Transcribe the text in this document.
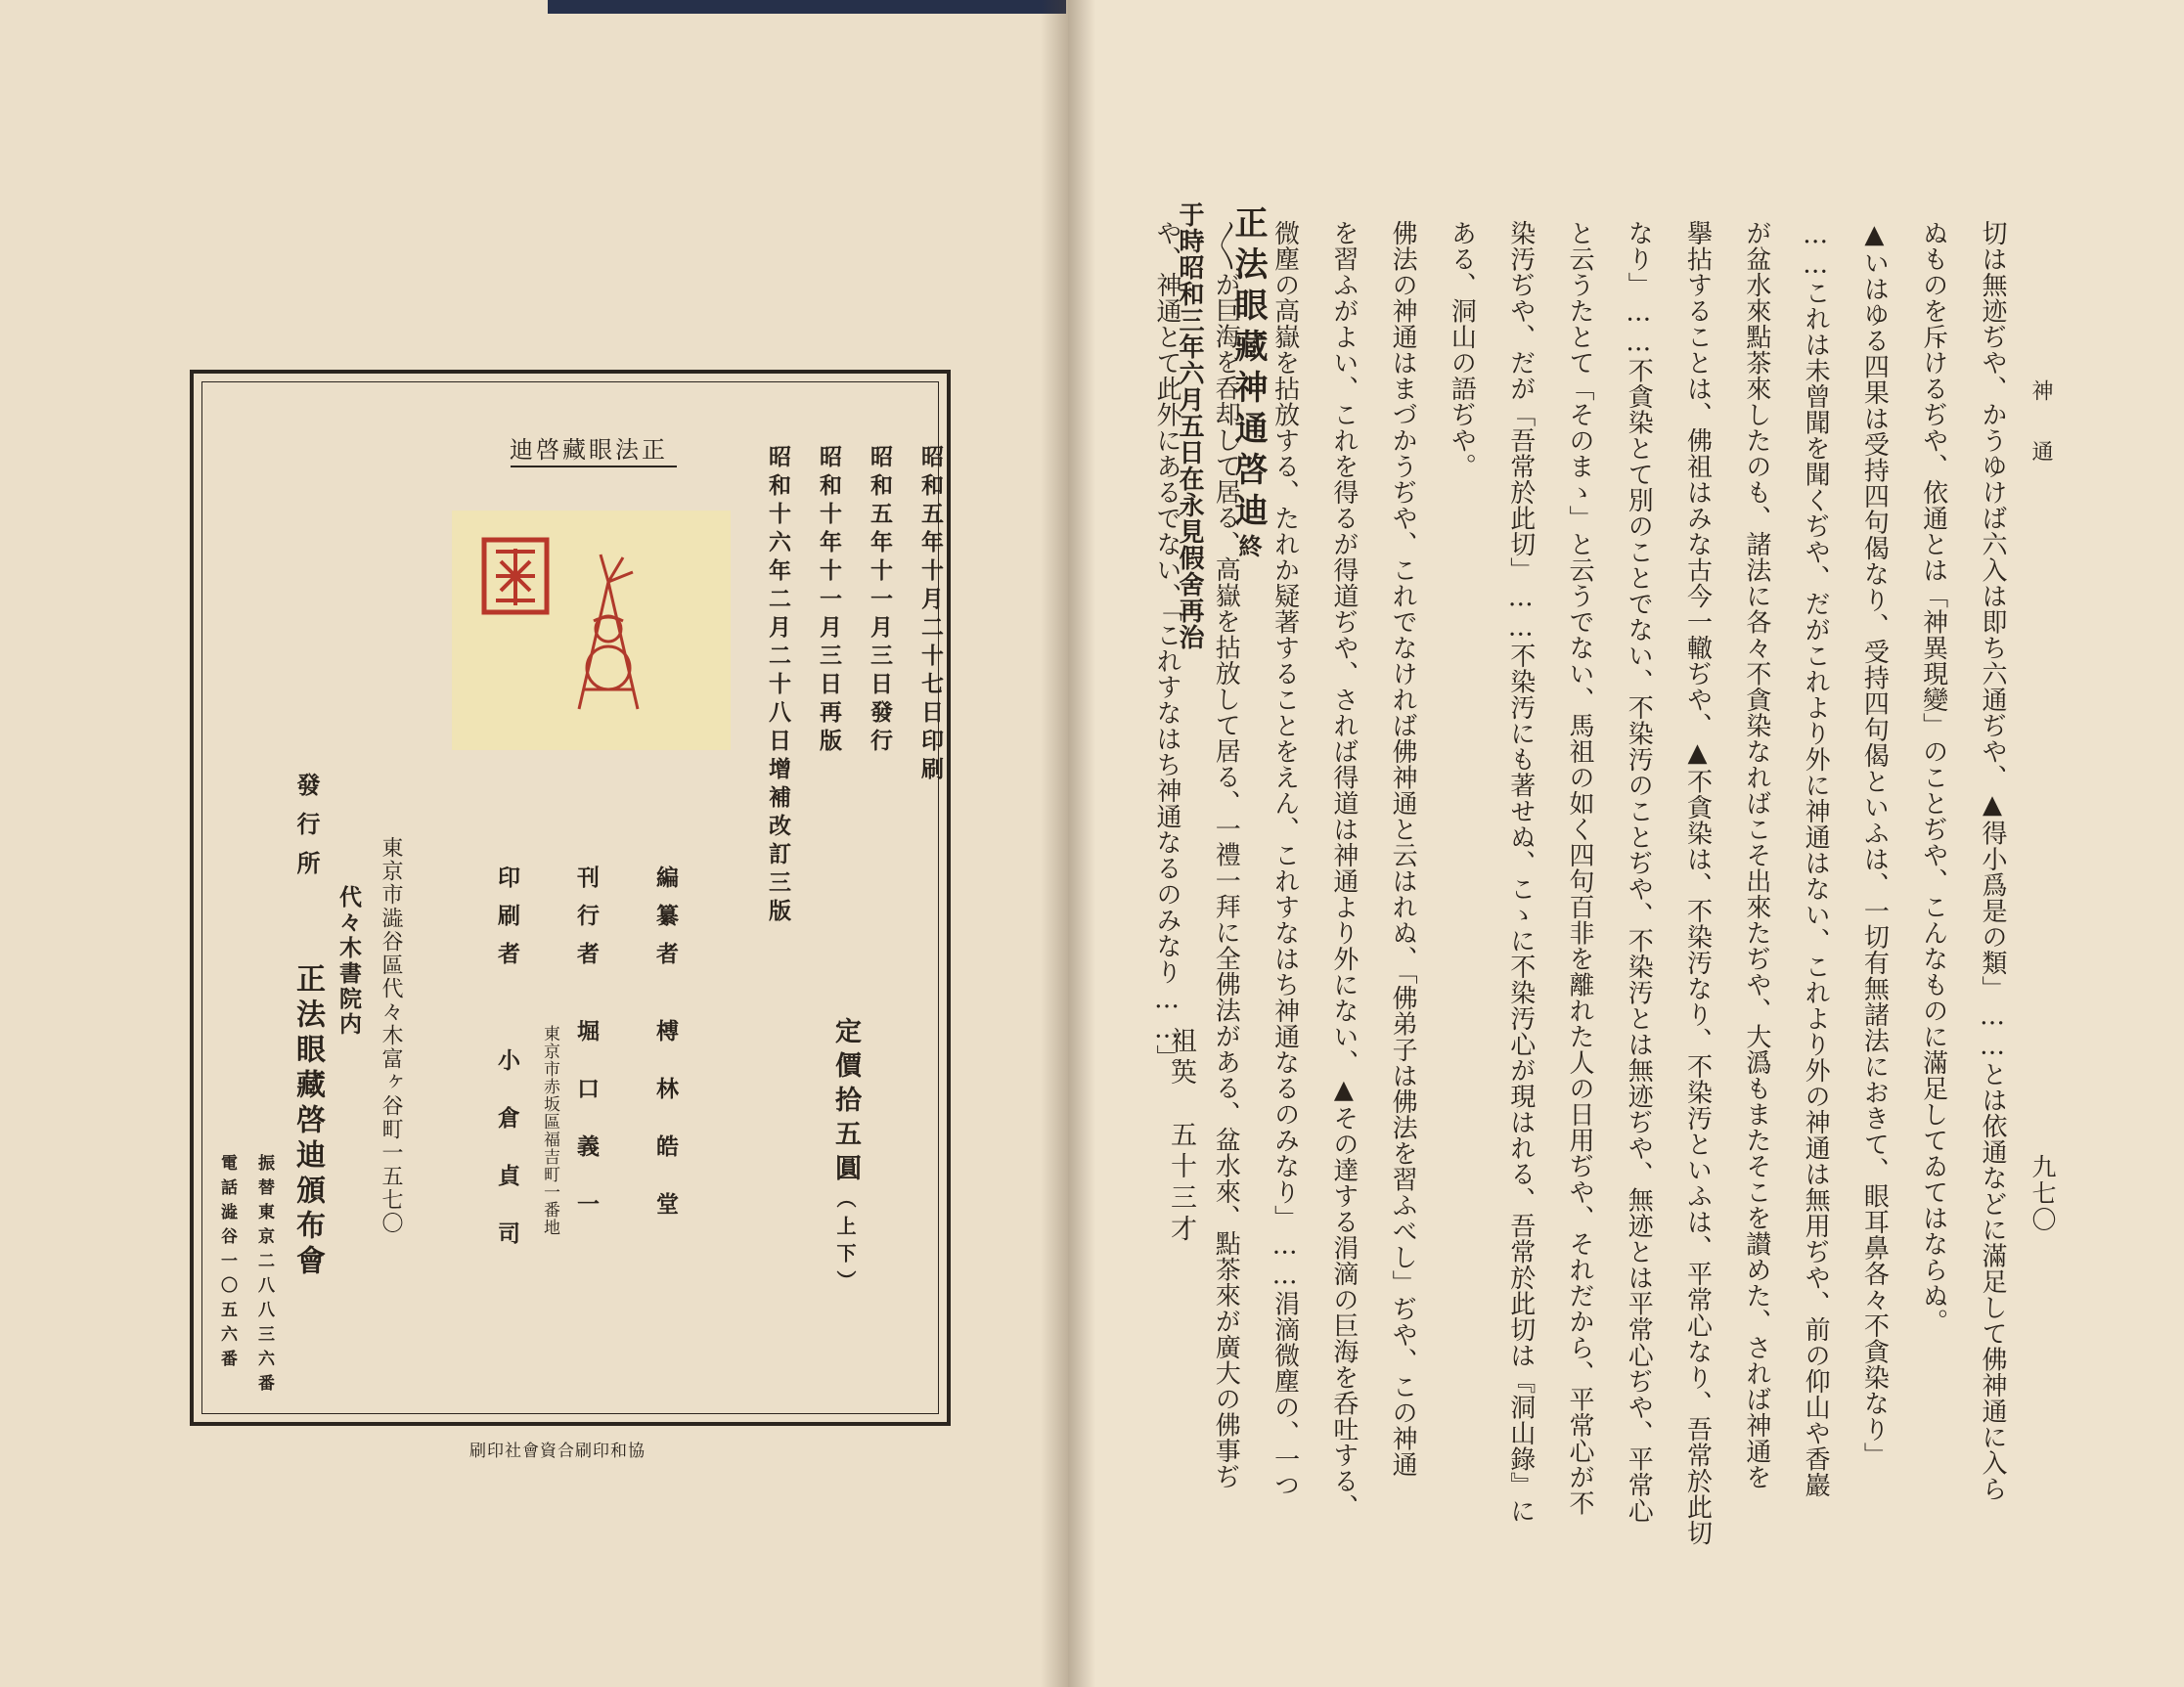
神通
九七〇
切は無迹ぢや、かうゆけば六入は即ち六通ぢや、▲得小爲是の類」……とは依通などに滿足して佛神通に入ら
ぬものを斥けるぢや、依通とは「神異現變」のことぢや、こんなものに滿足してゐてはならぬ。
▲いはゆる四果は受持四句偈なり、受持四句偈といふは、一切有無諸法におきて、眼耳鼻各々不貪染なり」
……これは未曾聞を聞くぢや、だがこれより外に神通はない、これより外の神通は無用ぢや、前の仰山や香巖
が盆水來點茶來したのも、諸法に各々不貪染なればこそ出來たぢや、大潙もまたそこを讃めた、されば神通を
擧拈することは、佛祖はみな古今一轍ぢや、▲不貪染は、不染汚なり、不染汚といふは、平常心なり、吾常於此切
なり」……不貪染とて別のことでない、不染汚のことぢや、不染汚とは無迹ぢや、無迹とは平常心ぢや、平常心
と云うたとて「そのまゝ」と云うでない、馬祖の如く四句百非を離れた人の日用ぢや、それだから、平常心が不
染汚ぢや、だが「吾常於此切」……不染汚にも著せぬ、こゝに不染汚心が現はれる、吾常於此切は『洞山錄』に
ある、洞山の語ぢや。
佛法の神通はまづかうぢや、これでなければ佛神通と云はれぬ、「佛弟子は佛法を習ふべし」ぢや、この神通
を習ふがよい、これを得るが得道ぢや、されば得道は神通より外にない、▲その達する涓滴の巨海を呑吐する、
微塵の高嶽を拈放する、たれか疑著することをえん、これすなはち神通なるのみなり」……涓滴微塵の、一つ
〳〵が巨海を呑却して居る、高嶽を拈放して居る、一禮一拜に全佛法がある、盆水來、點茶來が廣大の佛事ぢ
や、神通とて此外にあるでない、「これすなはち神通なるのみなり……」。 正法眼藏神通啓迪終
祖英　五十三才
于時昭和三年六月五日在永見假舍再治
正法眼藏啓迪	昭和五年十月二十七日印刷
昭和五年十一月三日發行
昭和十年十一月三日再版
昭和十六年二月二十八日增補改訂三版
定價拾五圓（上下）
編纂者榑林皓堂
刊行者堀口義一
印刷者小倉貞司 東京市赤坂區福吉町一番地
東京市澁谷區代々木富ヶ谷町一五七〇
發行所
代々木書院内
正法眼藏啓迪頒布會
振替東京二八八三六番
電話澁谷一〇五六番
協和印刷合資會社印刷
